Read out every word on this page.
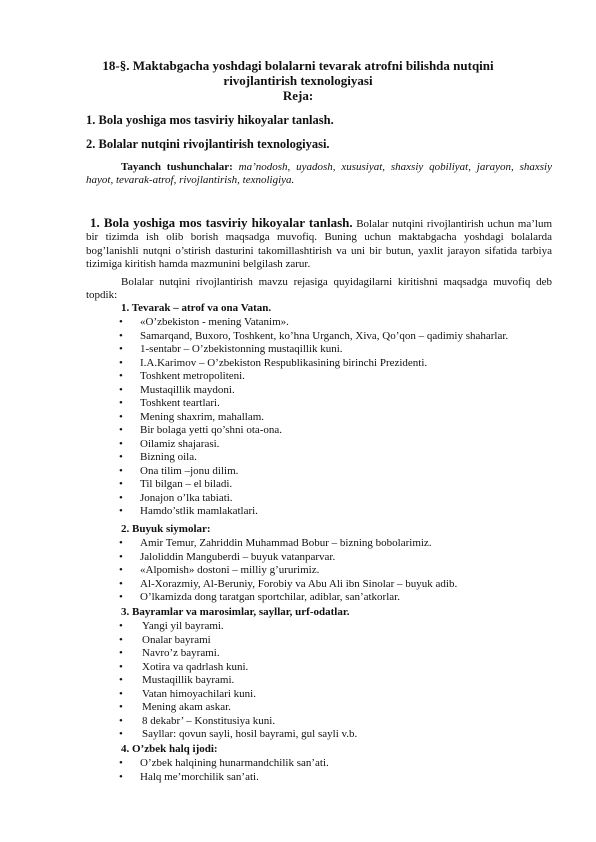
18-§. Maktabgacha yoshdagi bolalarni tevarak atrofni bilishda nutqini
rivojlantirish texnologiyasi
Reja:
1. Bola yoshiga mos tasviriy hikoyalar tanlash.
2. Bolalar nutqini rivojlantirish texnologiyasi.
Tayanch tushunchalar: ma’nodosh, uyadosh, xususiyat, shaxsiy qobiliyat, jarayon, shaxsiy hayot, tevarak-atrof, rivojlantirish, texnoligiya.
1. Bola yoshiga mos tasviriy hikoyalar tanlash. Bolalar nutqini rivojlantirish uchun ma’lum bir tizimda ish olib borish maqsadga muvofiq. Buning uchun maktabgacha yoshdagi bolalarda bog’lanishli nutqni o’stirish dasturini takomillashtirish va uni bir butun, yaxlit jarayon sifatida tarbiya tizimiga kiritish hamda mazmunini belgilash zarur.
Bolalar nutqini rivojlantirish mavzu rejasiga quyidagilarni kiritishni maqsadga muvofiq deb topdik:
1. Tevarak – atrof va ona Vatan.
• «O’zbekiston - mening Vatanim».
• Samarqand, Buxoro, Toshkent, ko’hna Urganch, Xiva, Qo’qon – qadimiy shaharlar.
• 1-sentabr – O’zbekistonning mustaqillik kuni.
• I.A.Karimov – O’zbekiston Respublikasining birinchi Prezidenti.
• Toshkent metropoliteni.
• Mustaqillik maydoni.
• Toshkent teartlari.
• Mening shaxrim, mahallam.
• Bir bolaga yetti qo’shni ota-ona.
• Oilamiz shajarasi.
• Bizning oila.
• Ona tilim –jonu dilim.
• Til bilgan – el biladi.
• Jonajon o’lka tabiati.
• Hamdo’stlik mamlakatlari.
2. Buyuk siymolar:
• Amir Temur, Zahriddin Muhammad Bobur – bizning bobolarimiz.
• Jaloliddin Manguberdi – buyuk vatanparvar.
• «Alpomish» dostoni – milliy g’ururimiz.
• Al-Xorazmiy, Al-Beruniy, Forobiy va Abu Ali ibn Sinolar – buyuk adib.
• O’lkamizda dong taratgan sportchilar, adiblar, san’atkorlar.
3. Bayramlar va marosimlar, sayllar, urf-odatlar.
• Yangi yil bayrami.
• Onalar bayrami
• Navro’z bayrami.
• Xotira va qadrlash kuni.
• Mustaqillik bayrami.
• Vatan himoyachilari kuni.
• Mening akam askar.
• 8 dekabr’ – Konstitusiya kuni.
• Sayllar: qovun sayli, hosil bayrami, gul sayli v.b.
4. O’zbek halq ijodi:
• O’zbek halqining hunarmandchilik san’ati.
• Halq me’morchilik san’ati.
